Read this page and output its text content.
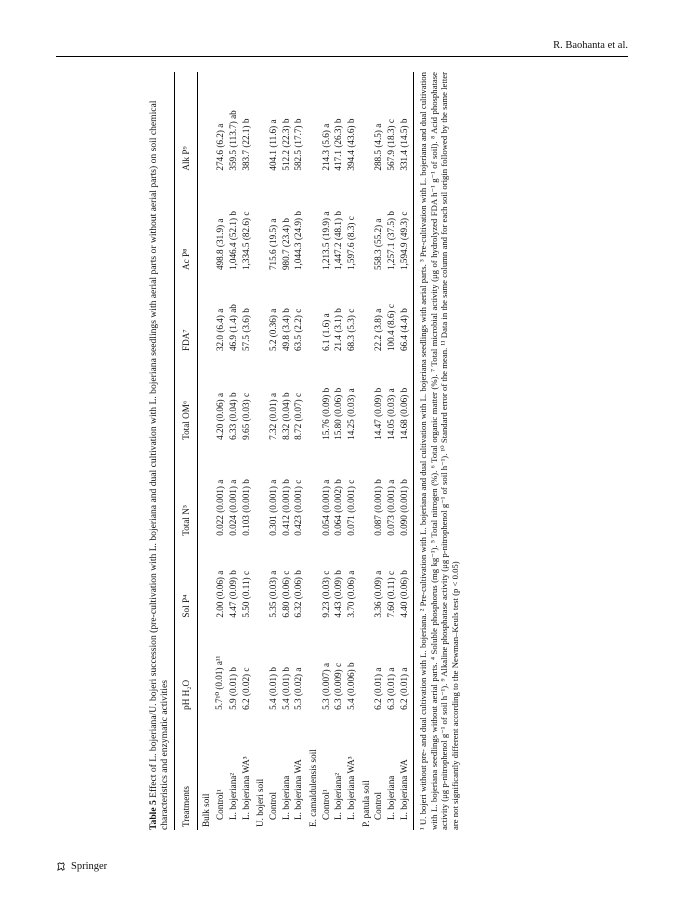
R. Baohanta et al.

Table 5 Effect of L. bojeriana/U. bojeri succession (pre-cultivation with L. bojeriana and dual cultivation with L. bojeriana seedlings with aerial parts or without aerial parts) on soil chemical characteristics and enzymatic activities Treatments	pH H₂O	Sol P⁴	Total N⁵	Total OM⁶	FDA⁷	Ac P⁸	Alk P⁹
Bulk soil							
Control¹	5.7¹⁰ (0.01) a¹¹	2.00 (0.06) a	0.022 (0.001) a	4.20 (0.06) a	32.0 (6.4) a	498.8 (31.9) a	274.6 (6.2) a
L. bojeriana²	5.9 (0.01) b	4.47 (0.09) b	0.024 (0.001) a	6.33 (0.04) b	46.9 (1.4) ab	1,046.4 (52.1) b	359.5 (113.7) ab
L. bojeriana WA³	6.2 (0.02) c	5.50 (0.11) c	0.103 (0.001) b	9.65 (0.03) c	57.5 (3.6) b	1,334.5 (82.6) c	383.7 (22.1) b
U. bojeri soil							
Control	5.4 (0.01) b	5.35 (0.03) a	0.301 (0.001) a	7.32 (0.01) a	5.2 (0.36) a	715.6 (19.5) a	404.1 (11.6) a
L. bojeriana	5.4 (0.01) b	6.80 (0.06) c	0.412 (0.001) b	8.32 (0.04) b	49.8 (3.4) b	980.7 (23.4) b	512.2 (22.3) b
L. bojeriana WA	5.3 (0.02) a	6.32 (0.06) b	0.423 (0.001) c	8.72 (0.07) c	63.5 (2.2) c	1,044.3 (24.9) b	582.5 (17.7) b
E. camaldulensis soil							
Control¹	5.3 (0.007) a	9.23 (0.03) c	0.054 (0.001) a	15.76 (0.09) b	6.1 (1.6) a	1,213.5 (19.9) a	214.3 (5.6) a
L. bojeriana²	6.3 (0.009) c	4.43 (0.09) b	0.064 (0.002) b	15.80 (0.06) b	21.4 (3.1) b	1,447.2 (48.1) b	417.1 (26.3) b
L. bojeriana WA³	5.4 (0.006) b	3.70 (0.06) a	0.071 (0.001) c	14.25 (0.03) a	68.3 (5.3) c	1,597.6 (8.3) c	394.4 (43.6) b
P. patula soil							
Control	6.2 (0.01) a	3.36 (0.09) a	0.087 (0.001) b	14.47 (0.09) b	22.2 (3.8) a	558.3 (55.2) a	288.5 (4.5) a
L. bojeriana	6.3 (0.01) a	7.60 (0.11) c	0.073 (0.001) a	14.05 (0.03) a	100.4 (8.6) c	1,257.1 (37.5) b	567.9 (18.3) c
L. bojeriana WA	6.2 (0.01) a	4.40 (0.06) b	0.090 (0.001) b	14.68 (0.06) b	66.4 (4.4) b	1,594.9 (49.3) c	331.4 (14.5) b ¹ U. bojeri without pre- and dual cultivation with L. bojeriana. ² Pre-cultivation with L. bojeriana and dual cultivation with L. bojeriana seedlings with aerial parts. ³ Pre-cultivation with L. bojeriana and dual cultivation with L. bojeriana seedlings without aerial parts. ⁴ Soluble phosphorus (mg kg⁻¹). ⁵ Total nitrogen (%). ⁶ Total organic matter (%). ⁷ Total microbial activity (μg of hydrolyzed FDA h⁻¹ g⁻¹ of soil). ⁸ Acid phosphatase activity (μg p-nitrophenol g⁻¹ of soil h⁻¹). ⁹ Alkaline phosphatase activity (μg p-nitrophenol g⁻¹ of soil h⁻¹). ¹⁰ Standard error of the mean. ¹¹ Data in the same column and for each soil origin followed by the same letter are not significantly different according to the Newman–Keuls test (p < 0.05)
Springer
